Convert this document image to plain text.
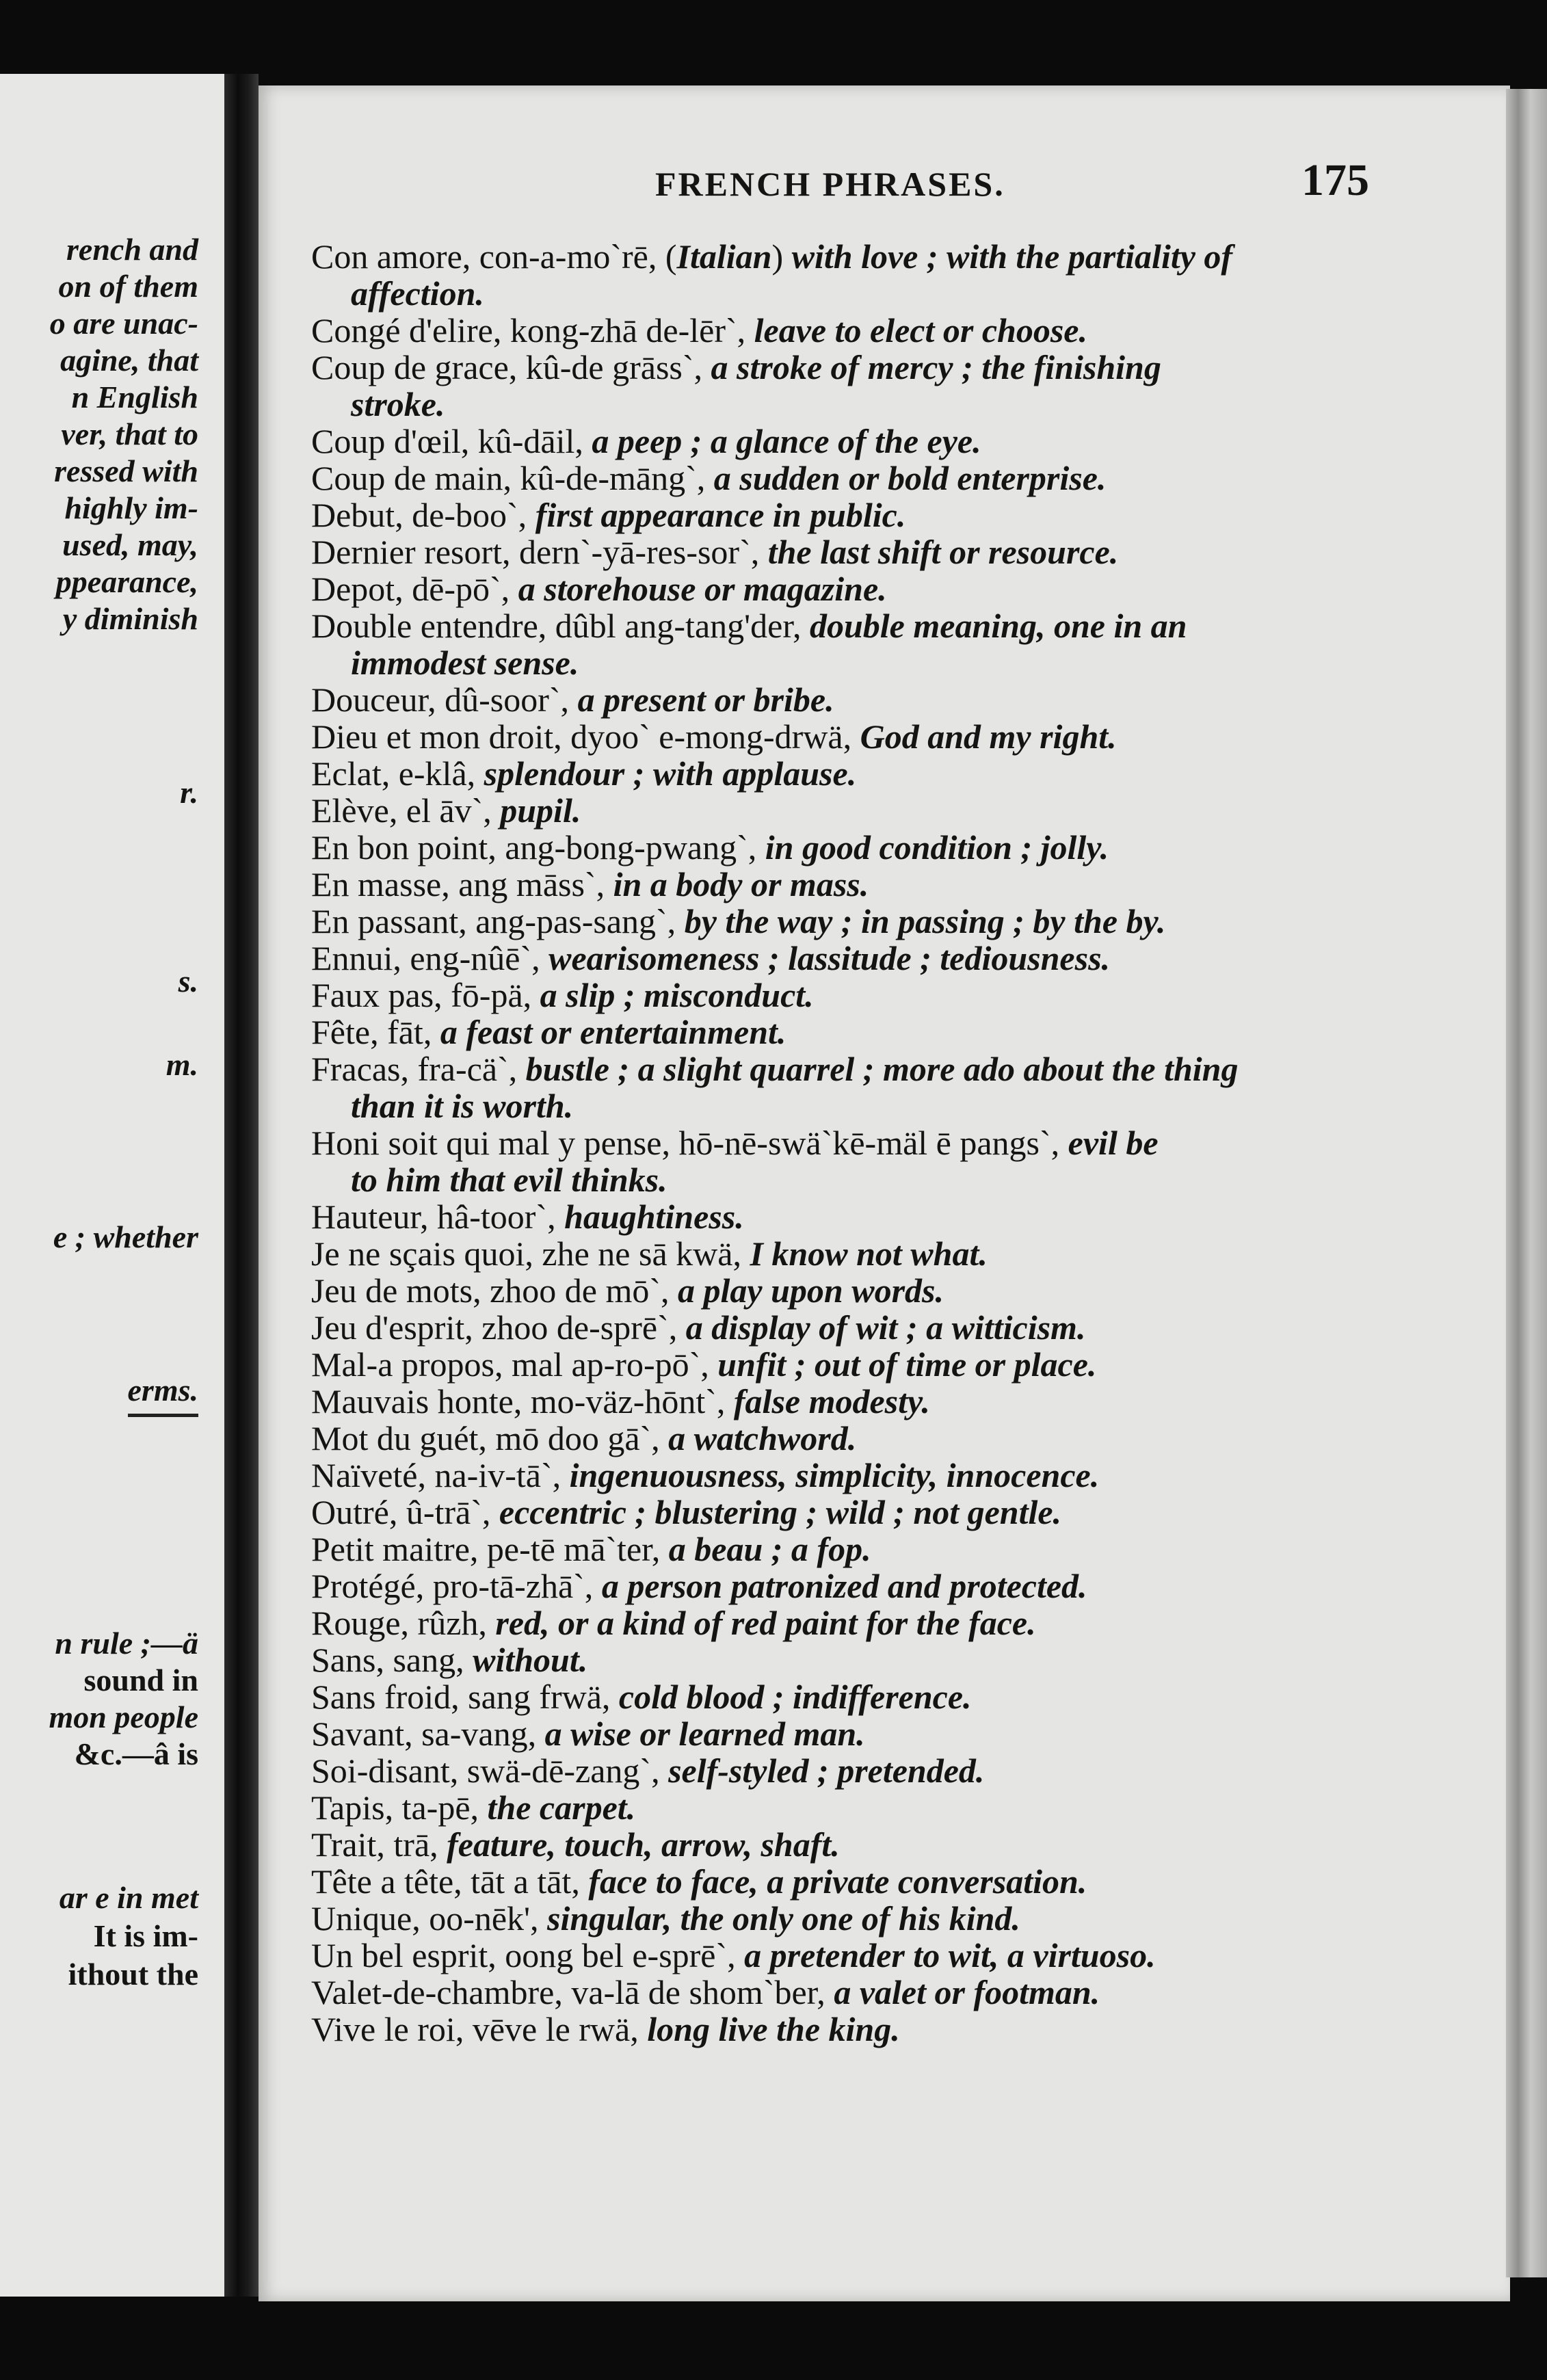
rench and
on of them
o are unac-
agine, that
n English
ver, that to
ressed with
highly im-
used, may,
ppearance,
y diminish
r.
s.
m.
e ; whether
erms.
n rule ;—ä
sound in
mon people
&c.—â is
ar e in met
It is im-
ithout the
FRENCH PHRASES.	175
Con amore, con-a-mo`rē, (Italian) with love ; with the partiality of
affection.
Congé d'elire, kong-zhā de-lēr`, leave to elect or choose.
Coup de grace, kû-de grāss`, a stroke of mercy ; the finishing
stroke.
Coup d'œil, kû-dāil, a peep ; a glance of the eye.
Coup de main, kû-de-māng`, a sudden or bold enterprise.
Debut, de-boo`, first appearance in public.
Dernier resort, dern`-yā-res-sor`, the last shift or resource.
Depot, dē-pō`, a storehouse or magazine.
Double entendre, dûbl ang-tang'der, double meaning, one in an
immodest sense.
Douceur, dû-soor`, a present or bribe.
Dieu et mon droit, dyoo` e-mong-drwä, God and my right.
Eclat, e-klâ, splendour ; with applause.
Elève, el āv`, pupil.
En bon point, ang-bong-pwang`, in good condition ; jolly.
En masse, ang māss`, in a body or mass.
En passant, ang-pas-sang`, by the way ; in passing ; by the by.
Ennui, eng-nûē`, wearisomeness ; lassitude ; tediousness.
Faux pas, fō-pä, a slip ; misconduct.
Fête, fāt, a feast or entertainment.
Fracas, fra-cä`, bustle ; a slight quarrel ; more ado about the thing
than it is worth.
Honi soit qui mal y pense, hō-nē-swä`kē-mäl ē pangs`, evil be
to him that evil thinks.
Hauteur, hâ-toor`, haughtiness.
Je ne sçais quoi, zhe ne sā kwä, I know not what.
Jeu de mots, zhoo de mō`, a play upon words.
Jeu d'esprit, zhoo de-sprē`, a display of wit ; a witticism.
Mal-a propos, mal ap-ro-pō`, unfit ; out of time or place.
Mauvais honte, mo-väz-hōnt`, false modesty.
Mot du guét, mō doo gā`, a watchword.
Naïveté, na-iv-tā`, ingenuousness, simplicity, innocence.
Outré, û-trā`, eccentric ; blustering ; wild ; not gentle.
Petit maitre, pe-tē mā`ter, a beau ; a fop.
Protégé, pro-tā-zhā`, a person patronized and protected.
Rouge, rûzh, red, or a kind of red paint for the face.
Sans, sang, without.
Sans froid, sang frwä, cold blood ; indifference.
Savant, sa-vang, a wise or learned man.
Soi-disant, swä-dē-zang`, self-styled ; pretended.
Tapis, ta-pē, the carpet.
Trait, trā, feature, touch, arrow, shaft.
Tête a tête, tāt a tāt, face to face, a private conversation.
Unique, oo-nēk', singular, the only one of his kind.
Un bel esprit, oong bel e-sprē`, a pretender to wit, a virtuoso.
Valet-de-chambre, va-lā de shom`ber, a valet or footman.
Vive le roi, vēve le rwä, long live the king.
